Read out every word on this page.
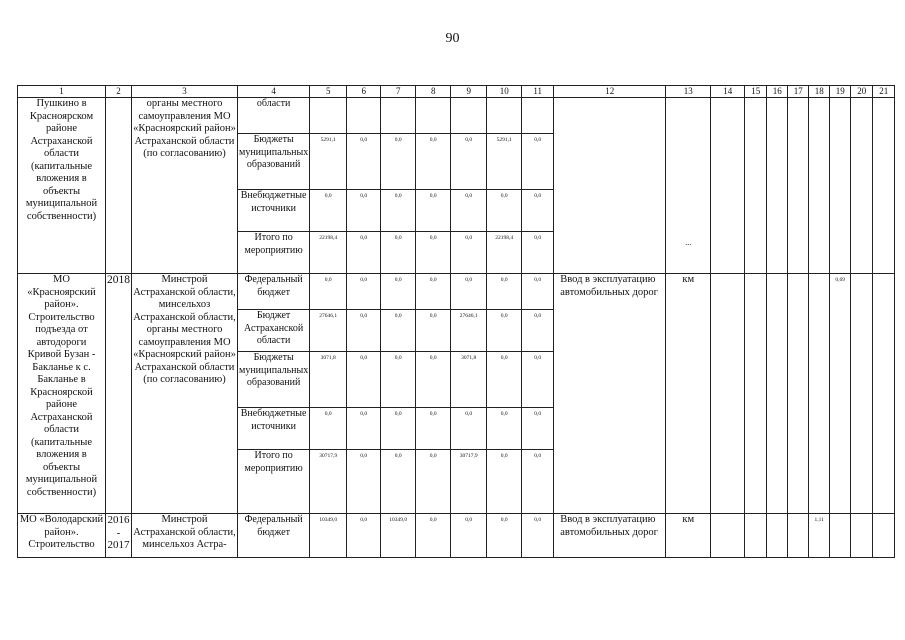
90
1	2	3	4	5	6	7	8	9	10	11	12	13	14	15	16	17	18	19	20	21
Пушкино в Красноярском районе Астраханской области (капитальные вложения в объекты муниципальной собственности)		органы местного самоуправления МО «Красноярский район» Астраханской области (по согласованию)	области									...								
			Бюджеты муниципальных образований	5291,1	0,0	0,0	0,0	0,0	5291,1	0,0										
			Внебюджетные источники	0,0	0,0	0,0	0,0	0,0	0,0	0,0										
			Итого по мероприятию	22198,4	0,0	0,0	0,0	0,0	22198,4	0,0										
МО «Красноярский район». Строительство подъезда от автодороги Кривой Бузан - Бакланье к с. Бакланье в Красноярской районе Астраханской области (капитальные вложения в объекты муниципальной собственности)	2018	Минстрой Астраханской области, минсельхоз Астраханской области, органы местного самоуправления МО «Красноярский район» Астраханской области (по согласованию)	Федеральный бюджет	0,0	0,0	0,0	0,0	0,0	0,0	0,0	Ввод в эксплуатацию автомобильных дорог	км						0,69		
			Бюджет Астраханской области	27646,1	0,0	0,0	0,0	27646,1	0,0	0,0										
			Бюджеты муниципальных образований	3071,8	0,0	0,0	0,0	3071,8	0,0	0,0										
			Внебюджетные источники	0,0	0,0	0,0	0,0	0,0	0,0	0,0										
			Итого по мероприятию	30717,9	0,0	0,0	0,0	30717,9	0,0	0,0										
МО «Володарский район». Строительство	2016 - 2017	Минстрой Астраханской области, минсельхоз Астра-	Федеральный бюджет	10349,0	0,0	10349,0	0,0	0,0	0,0	0,0	Ввод в эксплуатацию автомобильных дорог	км					1,11			
